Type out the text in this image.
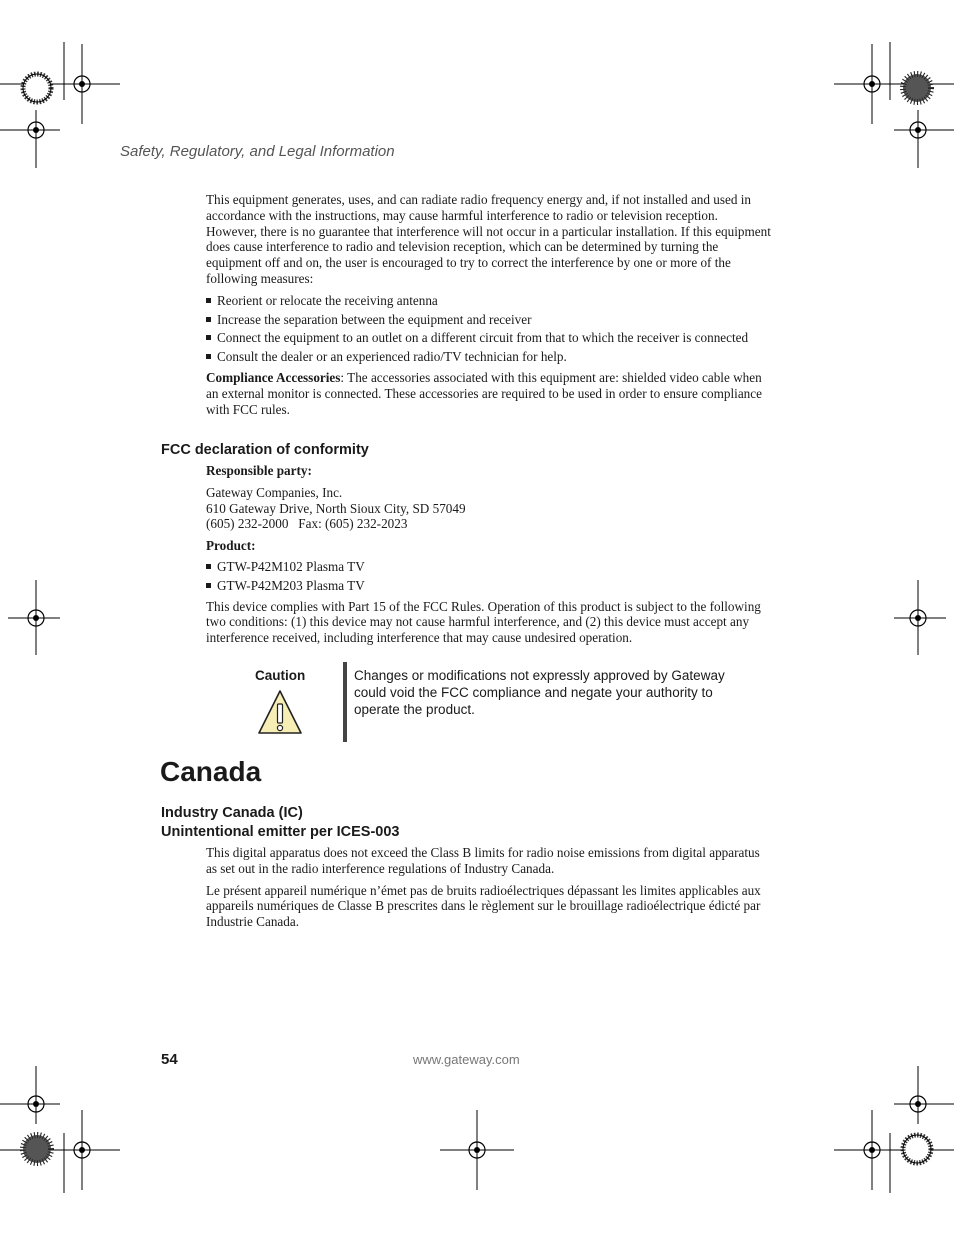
Safety, Regulatory, and Legal Information

This equipment generates, uses, and can radiate radio frequency energy and, if not installed and used in accordance with the instructions, may cause harmful interference to radio or television reception. However, there is no guarantee that interference will not occur in a particular installation. If this equipment does cause interference to radio and television reception, which can be determined by turning the equipment off and on, the user is encouraged to try to correct the interference by one or more of the following measures:

Reorient or relocate the receiving antenna
Increase the separation between the equipment and receiver
Connect the equipment to an outlet on a different circuit from that to which the receiver is connected
Consult the dealer or an experienced radio/TV technician for help.

Compliance Accessories: The accessories associated with this equipment are: shielded video cable when an external monitor is connected. These accessories are required to be used in order to ensure compliance with FCC rules.

FCC declaration of conformity

Responsible party:

Gateway Companies, Inc.
610 Gateway Drive, North Sioux City, SD 57049
(605) 232-2000   Fax: (605) 232-2023

Product:

GTW-P42M102 Plasma TV
GTW-P42M203 Plasma TV

This device complies with Part 15 of the FCC Rules. Operation of this product is subject to the following two conditions: (1) this device may not cause harmful interference, and (2) this device must accept any interference received, including interference that may cause undesired operation.

Caution	Changes or modifications not expressly approved by Gateway could void the FCC compliance and negate your authority to operate the product.
Canada
Industry Canada (IC)
Unintentional emitter per ICES-003

This digital apparatus does not exceed the Class B limits for radio noise emissions from digital apparatus as set out in the radio interference regulations of Industry Canada.

Le présent appareil numérique n’émet pas de bruits radioélectriques dépassant les limites applicables aux appareils numériques de Classe B prescrites dans le règlement sur le brouillage radioélectrique édicté par Industrie Canada.

54	www.gateway.com
